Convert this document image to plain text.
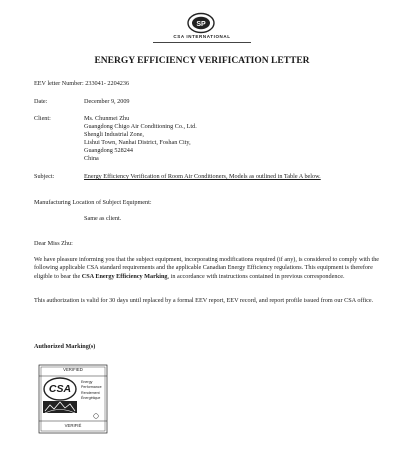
SP
CSA INTERNATIONAL
ENERGY EFFICIENCY VERIFICATION LETTER
EEV letter Number: 233041- 2204236
Date:	December 9, 2009
Client:	Ms. Chunmei Zhu
Guangdong Chigo Air Conditioning Co., Ltd.
Shengli Industrial Zone,
Lishui Town, Nanhai District, Foshan City,
Guangdong 528244
China
Subject:	Energy Efficiency Verification of Room Air Conditioners, Models as outlined in Table A below.
Manufacturing Location of Subject Equipment:
Same as client.
Dear Miss Zhu:
We have pleasure informing you that the subject equipment, incorporating modifications required (if any), is considered to comply with the following applicable CSA standard requirements and the applicable Canadian Energy Efficiency regulations. This equipment is therefore eligible to bear the CSA Energy Efficiency Marking, in accordance with instructions contained in previous correspondence.
This authorization is valid for 30 days until replaced by a formal EEV report, EEV record, and report profile issued from our CSA office.
Authorized Marking(s)
VERIFIED
CSA
Energy
Performance
Rendement
Énergétique
VERIFIÉ
